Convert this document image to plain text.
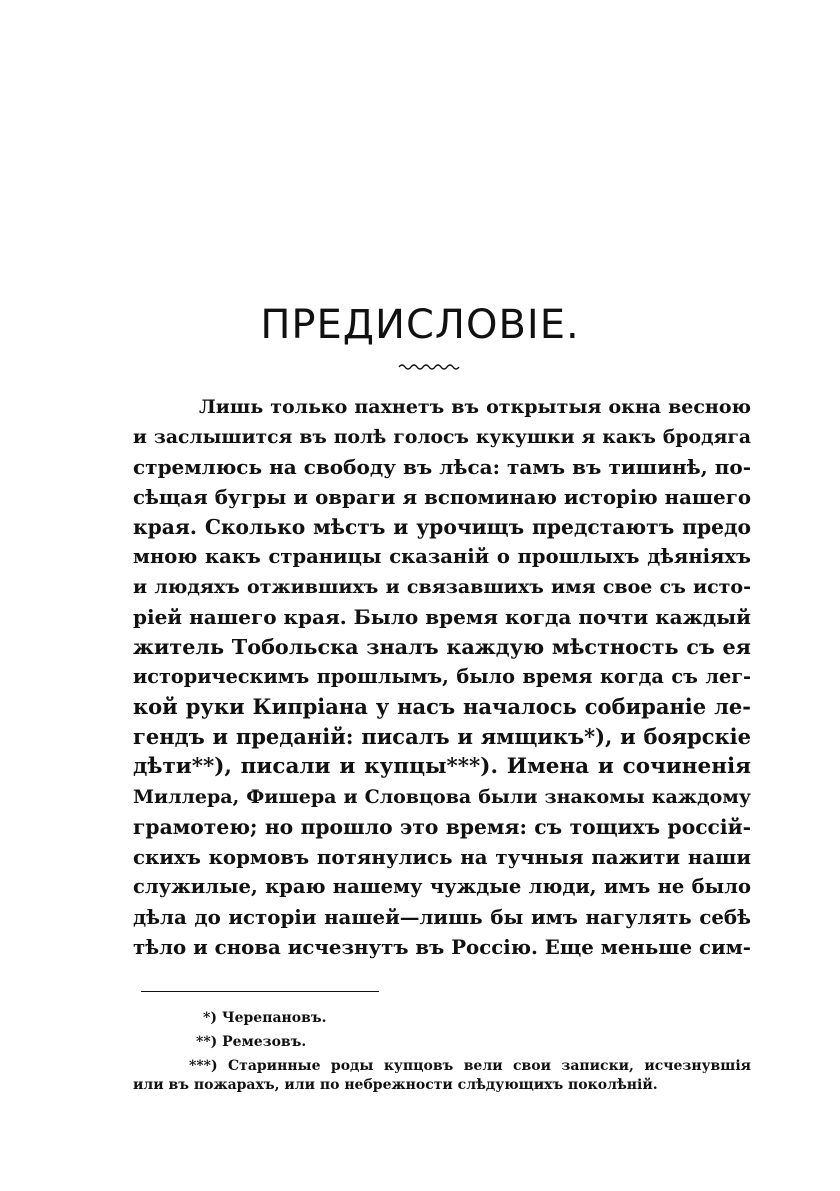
ПРЕДИСЛОВІЕ.
Лишь только пахнетъ въ открытыя окна весною
и заслышится въ полѣ голосъ кукушки я какъ бродяга
стремлюсь на свободу въ лѣса: тамъ въ тишинѣ, по-
сѣщая бугры и овраги я вспоминаю исторію нашего
края. Сколько мѣстъ и урочищъ предстаютъ предо
мною какъ страницы сказаній о прошлыхъ дѣяніяхъ
и людяхъ отжившихъ и связавшихъ имя свое съ исто-
ріей нашего края. Было время когда почти каждый
житель Тобольска зналъ каждую мѣстность съ ея
историческимъ прошлымъ, было время когда съ лег-
кой руки Кипріана у насъ началось собираніе ле-
гендъ и преданій: писалъ и ямщикъ*), и боярскіе
дѣти**), писали и купцы***). Имена и сочиненія
Миллера, Фишера и Словцова были знакомы каждому
грамотею; но прошло это время: съ тощихъ россій-
скихъ кормовъ потянулись на тучныя пажити наши
служилые, краю нашему чуждые люди, имъ не было
дѣла до исторіи нашей—лишь бы имъ нагулять себѣ
тѣло и снова исчезнутъ въ Россію. Еще меньше сим-
*) Черепановъ.
**) Ремезовъ.
***) Старинные роды купцовъ вели свои записки, исчезнувшія
или въ пожарахъ, или по небрежности слѣдующихъ поколѣній.
